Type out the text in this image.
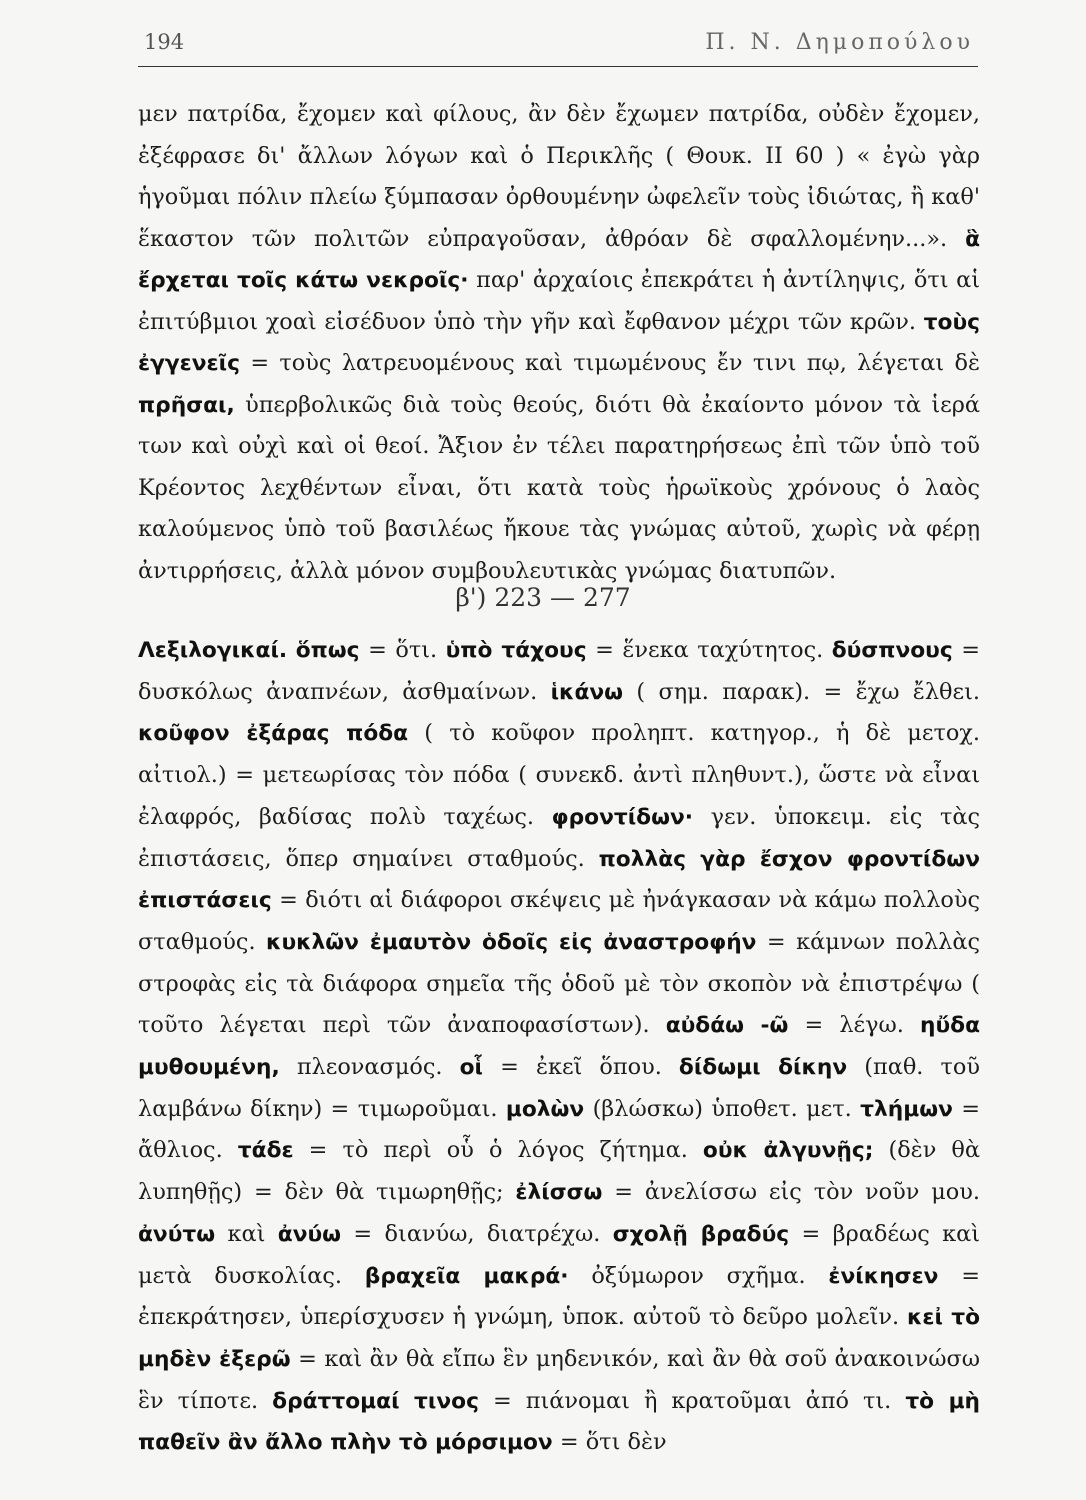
194	Π. Ν. Δημοπούλου

μεν πατρίδα, ἔχομεν καὶ φίλους, ἂν δὲν ἔχωμεν πατρίδα, οὐδὲν ἔχομεν, ἐξέφρασε δι' ἄλλων λόγων καὶ ὁ Περικλῆς ( Θουκ. ΙΙ 60 ) « ἐγὼ γὰρ ἡγοῦμαι πόλιν πλείω ξύμπασαν ὀρθουμένην ὠφελεῖν τοὺς ἰδιώτας, ἢ καθ' ἕκαστον τῶν πολιτῶν εὐπραγοῦσαν, ἀθρόαν δὲ σφαλλομένην...». ἃ ἔρχεται τοῖς κάτω νεκροῖς· παρ' ἀρχαίοις ἐπεκράτει ἡ ἀντίληψις, ὅτι αἱ ἐπιτύβμιοι χοαὶ εἰσέδυον ὑπὸ τὴν γῆν καὶ ἔφθανον μέχρι τῶν κρῶν. τοὺς ἐγγενεῖς = τοὺς λατρευομένους καὶ τιμωμένους ἔν τινι πῳ, λέγεται δὲ πρῆσαι, ὑπερβολικῶς διὰ τοὺς θεούς, διότι θὰ ἐκαίοντο μόνον τὰ ἱερά των καὶ οὐχὶ καὶ οἱ θεοί. Ἄξιον ἐν τέλει παρατηρήσεως ἐπὶ τῶν ὑπὸ τοῦ Κρέοντος λεχθέντων εἶναι, ὅτι κατὰ τοὺς ἡρωϊκοὺς χρόνους ὁ λαὸς καλούμενος ὑπὸ τοῦ βασιλέως ἤκουε τὰς γνώμας αὐτοῦ, χωρὶς νὰ φέρῃ ἀντιρρήσεις, ἀλλὰ μόνον συμβουλευτικὰς γνώμας διατυπῶν.

β') 223 — 277

Λεξιλογικαί. ὅπως = ὅτι. ὑπὸ τάχους = ἕνεκα ταχύτητος. δύσπνους = δυσκόλως ἀναπνέων, ἀσθμαίνων. ἱκάνω ( σημ. παρακ). = ἔχω ἔλθει. κοῦφον ἐξάρας πόδα ( τὸ κοῦφον προληπτ. κατηγορ., ἡ δὲ μετοχ. αἰτιολ.) = μετεωρίσας τὸν πόδα ( συνεκδ. ἀντὶ πληθυντ.), ὥστε νὰ εἶναι ἐλαφρός, βαδίσας πολὺ ταχέως. φροντίδων· γεν. ὑποκειμ. εἰς τὰς ἐπιστάσεις, ὅπερ σημαίνει σταθμούς. πολλὰς γὰρ ἔσχον φροντίδων ἐπιστάσεις = διότι αἱ διάφοροι σκέψεις μὲ ἠνάγκασαν νὰ κάμω πολλοὺς σταθμούς. κυκλῶν ἐμαυτὸν ὁδοῖς εἰς ἀναστροφήν = κάμνων πολλὰς στροφὰς εἰς τὰ διάφορα σημεῖα τῆς ὁδοῦ μὲ τὸν σκοπὸν νὰ ἐπιστρέψω ( τοῦτο λέγεται περὶ τῶν ἀναποφασίστων). αὐδάω -ῶ = λέγω. ηὔδα μυθουμένη, πλεονασμός. οἷ = ἐκεῖ ὅπου. δίδωμι δίκην (παθ. τοῦ λαμβάνω δίκην) = τιμωροῦμαι. μολὼν (βλώσκω) ὑποθετ. μετ. τλήμων = ἄθλιος. τάδε = τὸ περὶ οὗ ὁ λόγος ζήτημα. οὐκ ἀλγυνῇς; (δὲν θὰ λυπηθῇς) = δὲν θὰ τιμωρηθῇς; ἐλίσσω = ἀνελίσσω εἰς τὸν νοῦν μου. ἀνύτω καὶ ἀνύω = διανύω, διατρέχω. σχολῇ βραδύς = βραδέως καὶ μετὰ δυσκολίας. βραχεῖα μακρά· ὀξύμωρον σχῆμα. ἐνίκησεν = ἐπεκράτησεν, ὑπερίσχυσεν ἡ γνώμη, ὑποκ. αὐτοῦ τὸ δεῦρο μολεῖν. κεἰ τὸ μηδὲν ἐξερῶ = καὶ ἂν θὰ εἴπω ἓν μηδενικόν, καὶ ἂν θὰ σοῦ ἀνακοινώσω ἓν τίποτε. δράττομαί τινος = πιάνομαι ἢ κρατοῦμαι ἀπό τι. τὸ μὴ παθεῖν ἂν ἄλλο πλὴν τὸ μόρσιμον = ὅτι δὲν
